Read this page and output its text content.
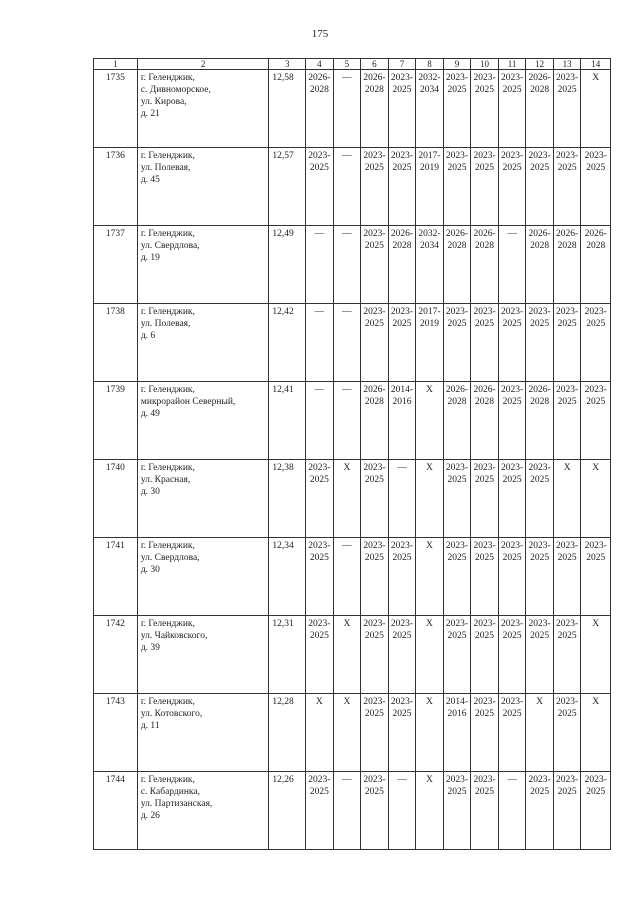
175
1	2	3	4	5	6	7	8	9	10	11	12	13	14
1735	г. Геленджик,
с. Дивноморское,
ул. Кирова,
д. 21	12,58	2026-
2028	—	2026-
2028	2023-
2025	2032-
2034	2023-
2025	2023-
2025	2023-
2025	2026-
2028	2023-
2025	X
1736	г. Геленджик,
ул. Полевая,
д. 45	12,57	2023-
2025	—	2023-
2025	2023-
2025	2017-
2019	2023-
2025	2023-
2025	2023-
2025	2023-
2025	2023-
2025	2023-
2025
1737	г. Геленджик,
ул. Свердлова,
д. 19	12,49	—	—	2023-
2025	2026-
2028	2032-
2034	2026-
2028	2026-
2028	—	2026-
2028	2026-
2028	2026-
2028
1738	г. Геленджик,
ул. Полевая,
д. 6	12,42	—	—	2023-
2025	2023-
2025	2017-
2019	2023-
2025	2023-
2025	2023-
2025	2023-
2025	2023-
2025	2023-
2025
1739	г. Геленджик,
микрорайон Северный,
д. 49	12,41	—	—	2026-
2028	2014-
2016	X	2026-
2028	2026-
2028	2023-
2025	2026-
2028	2023-
2025	2023-
2025
1740	г. Геленджик,
ул. Красная,
д. 30	12,38	2023-
2025	X	2023-
2025	—	X	2023-
2025	2023-
2025	2023-
2025	2023-
2025	X	X
1741	г. Геленджик,
ул. Свердлова,
д. 30	12,34	2023-
2025	—	2023-
2025	2023-
2025	X	2023-
2025	2023-
2025	2023-
2025	2023-
2025	2023-
2025	2023-
2025
1742	г. Геленджик,
ул. Чайковского,
д. 39	12,31	2023-
2025	X	2023-
2025	2023-
2025	X	2023-
2025	2023-
2025	2023-
2025	2023-
2025	2023-
2025	X
1743	г. Геленджик,
ул. Котовского,
д. 11	12,28	X	X	2023-
2025	2023-
2025	X	2014-
2016	2023-
2025	2023-
2025	X	2023-
2025	X
1744	г. Геленджик,
с. Кабардинка,
ул. Партизанская,
д. 26	12,26	2023-
2025	—	2023-
2025	—	X	2023-
2025	2023-
2025	—	2023-
2025	2023-
2025	2023-
2025
